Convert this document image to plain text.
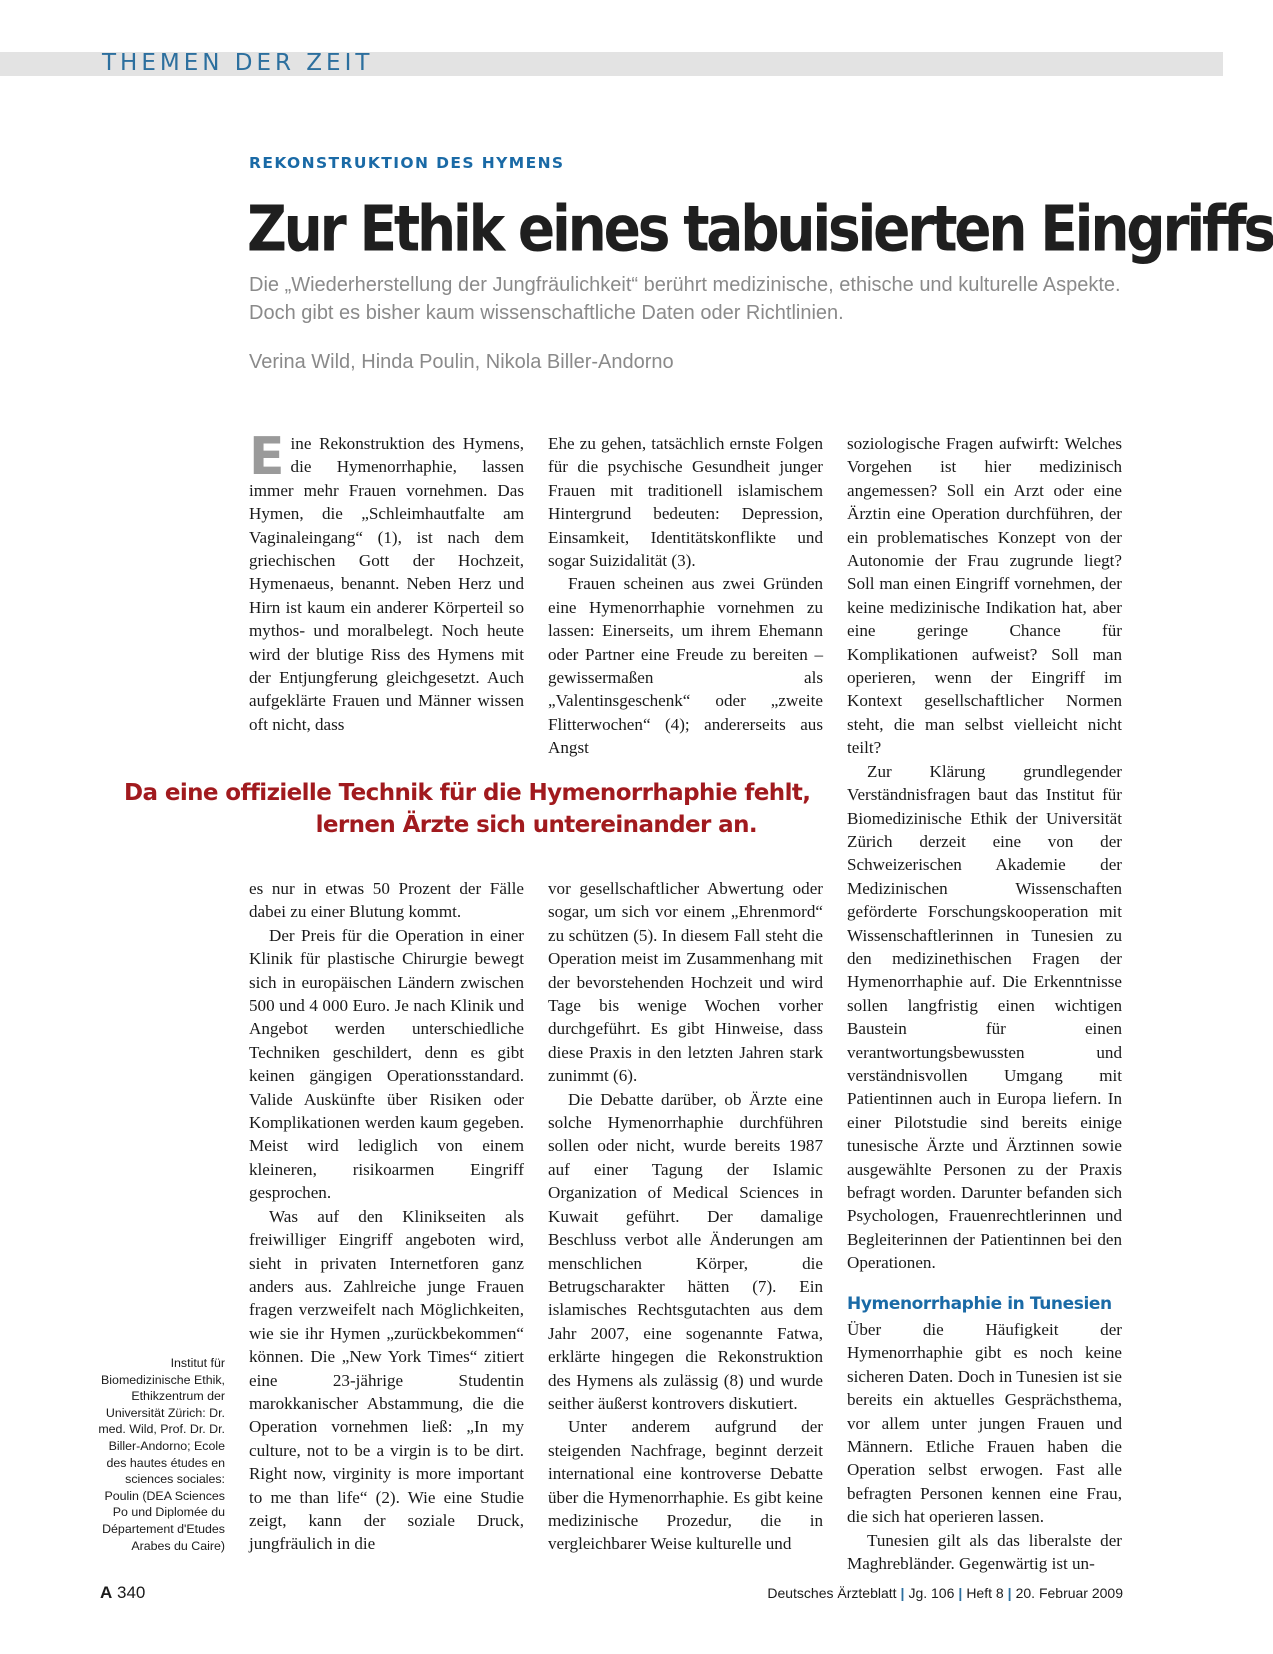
THEMEN DER ZEIT
REKONSTRUKTION DES HYMENS
Zur Ethik eines tabuisierten Eingriffs
Die „Wiederherstellung der Jungfräulichkeit“ berührt medizinische, ethische und kulturelle Aspekte. Doch gibt es bisher kaum wissenschaftliche Daten oder Richtlinien.
Verina Wild, Hinda Poulin, Nikola Biller-Andorno

Eine Rekonstruktion des Hymens, die Hymenorrhaphie, lassen immer mehr Frauen vornehmen. Das Hymen, die „Schleimhautfalte am Vaginaleingang“ (1), ist nach dem griechischen Gott der Hochzeit, Hymenaeus, benannt. Neben Herz und Hirn ist kaum ein anderer Körperteil so mythos- und moralbelegt. Noch heute wird der blutige Riss des Hymens mit der Entjungferung gleichgesetzt. Auch aufgeklärte Frauen und Männer wissen oft nicht, dass

Ehe zu gehen, tatsächlich ernste Folgen für die psychische Gesundheit junger Frauen mit traditionell islamischem Hintergrund bedeuten: Depression, Einsamkeit, Identitätskonflikte und sogar Suizidalität (3).

Frauen scheinen aus zwei Gründen eine Hymenorrhaphie vornehmen zu lassen: Einerseits, um ihrem Ehemann oder Partner eine Freude zu bereiten – gewissermaßen als „Valentinsgeschenk“ oder „zweite Flitterwochen“ (4); andererseits aus Angst

soziologische Fragen aufwirft: Welches Vorgehen ist hier medizinisch angemessen? Soll ein Arzt oder eine Ärztin eine Operation durchführen, der ein problematisches Konzept von der Autonomie der Frau zugrunde liegt? Soll man einen Eingriff vornehmen, der keine medizinische Indikation hat, aber eine geringe Chance für Komplikationen aufweist? Soll man operieren, wenn der Eingriff im Kontext gesellschaftlicher Normen steht, die man selbst vielleicht nicht teilt?

Zur Klärung grundlegender Verständnisfragen baut das Institut für Biomedizinische Ethik der Universität Zürich derzeit eine von der Schweizerischen Akademie der Medizinischen Wissenschaften geförderte Forschungskooperation mit Wissenschaftlerinnen in Tunesien zu den medizinethischen Fragen der Hymenorrhaphie auf. Die Erkenntnisse sollen langfristig einen wichtigen Baustein für einen verantwortungsbewussten und verständnisvollen Umgang mit Patientinnen auch in Europa liefern. In einer Pilotstudie sind bereits einige tunesische Ärzte und Ärztinnen sowie ausgewählte Personen zu der Praxis befragt worden. Darunter befanden sich Psychologen, Frauenrechtlerinnen und Begleiterinnen der Patientinnen bei den Operationen.

Hymenorrhaphie in Tunesien

Über die Häufigkeit der Hymenorrhaphie gibt es noch keine sicheren Daten. Doch in Tunesien ist sie bereits ein aktuelles Gesprächsthema, vor allem unter jungen Frauen und Männern. Etliche Frauen haben die Operation selbst erwogen. Fast alle befragten Personen kennen eine Frau, die sich hat operieren lassen.

Tunesien gilt als das liberalste der Maghrebländer. Gegenwärtig ist un-

Da eine offizielle Technik für die Hymenorrhaphie fehlt,
lernen Ärzte sich untereinander an.

es nur in etwas 50 Prozent der Fälle dabei zu einer Blutung kommt.

Der Preis für die Operation in einer Klinik für plastische Chirurgie bewegt sich in europäischen Ländern zwischen 500 und 4 000 Euro. Je nach Klinik und Angebot werden unterschiedliche Techniken geschildert, denn es gibt keinen gängigen Operationsstandard. Valide Auskünfte über Risiken oder Komplikationen werden kaum gegeben. Meist wird lediglich von einem kleineren, risikoarmen Eingriff gesprochen.

Was auf den Klinikseiten als freiwilliger Eingriff angeboten wird, sieht in privaten Internetforen ganz anders aus. Zahlreiche junge Frauen fragen verzweifelt nach Möglichkeiten, wie sie ihr Hymen „zurückbekommen“ können. Die „New York Times“ zitiert eine 23-jährige Studentin marokkanischer Abstammung, die die Operation vornehmen ließ: „In my culture, not to be a virgin is to be dirt. Right now, virginity is more important to me than life“ (2). Wie eine Studie zeigt, kann der soziale Druck, jungfräulich in die

vor gesellschaftlicher Abwertung oder sogar, um sich vor einem „Ehrenmord“ zu schützen (5). In diesem Fall steht die Operation meist im Zusammenhang mit der bevorstehenden Hochzeit und wird Tage bis wenige Wochen vorher durchgeführt. Es gibt Hinweise, dass diese Praxis in den letzten Jahren stark zunimmt (6).

Die Debatte darüber, ob Ärzte eine solche Hymenorrhaphie durchführen sollen oder nicht, wurde bereits 1987 auf einer Tagung der Islamic Organization of Medical Sciences in Kuwait geführt. Der damalige Beschluss verbot alle Änderungen am menschlichen Körper, die Betrugscharakter hätten (7). Ein islamisches Rechtsgutachten aus dem Jahr 2007, eine sogenannte Fatwa, erklärte hingegen die Rekonstruktion des Hymens als zulässig (8) und wurde seither äußerst kontrovers diskutiert.

Unter anderem aufgrund der steigenden Nachfrage, beginnt derzeit international eine kontroverse Debatte über die Hymenorrhaphie. Es gibt keine medizinische Prozedur, die in vergleichbarer Weise kulturelle und

Institut für Biomedizinische Ethik, Ethikzentrum der Universität Zürich: Dr. med. Wild, Prof. Dr. Dr. Biller-Andorno; Ecole des hautes études en sciences sociales: Poulin (DEA Sciences Po und Diplomée du Département d'Etudes Arabes du Caire)
A 340	Deutsches Ärzteblatt | Jg. 106 | Heft 8 | 20. Februar 2009
